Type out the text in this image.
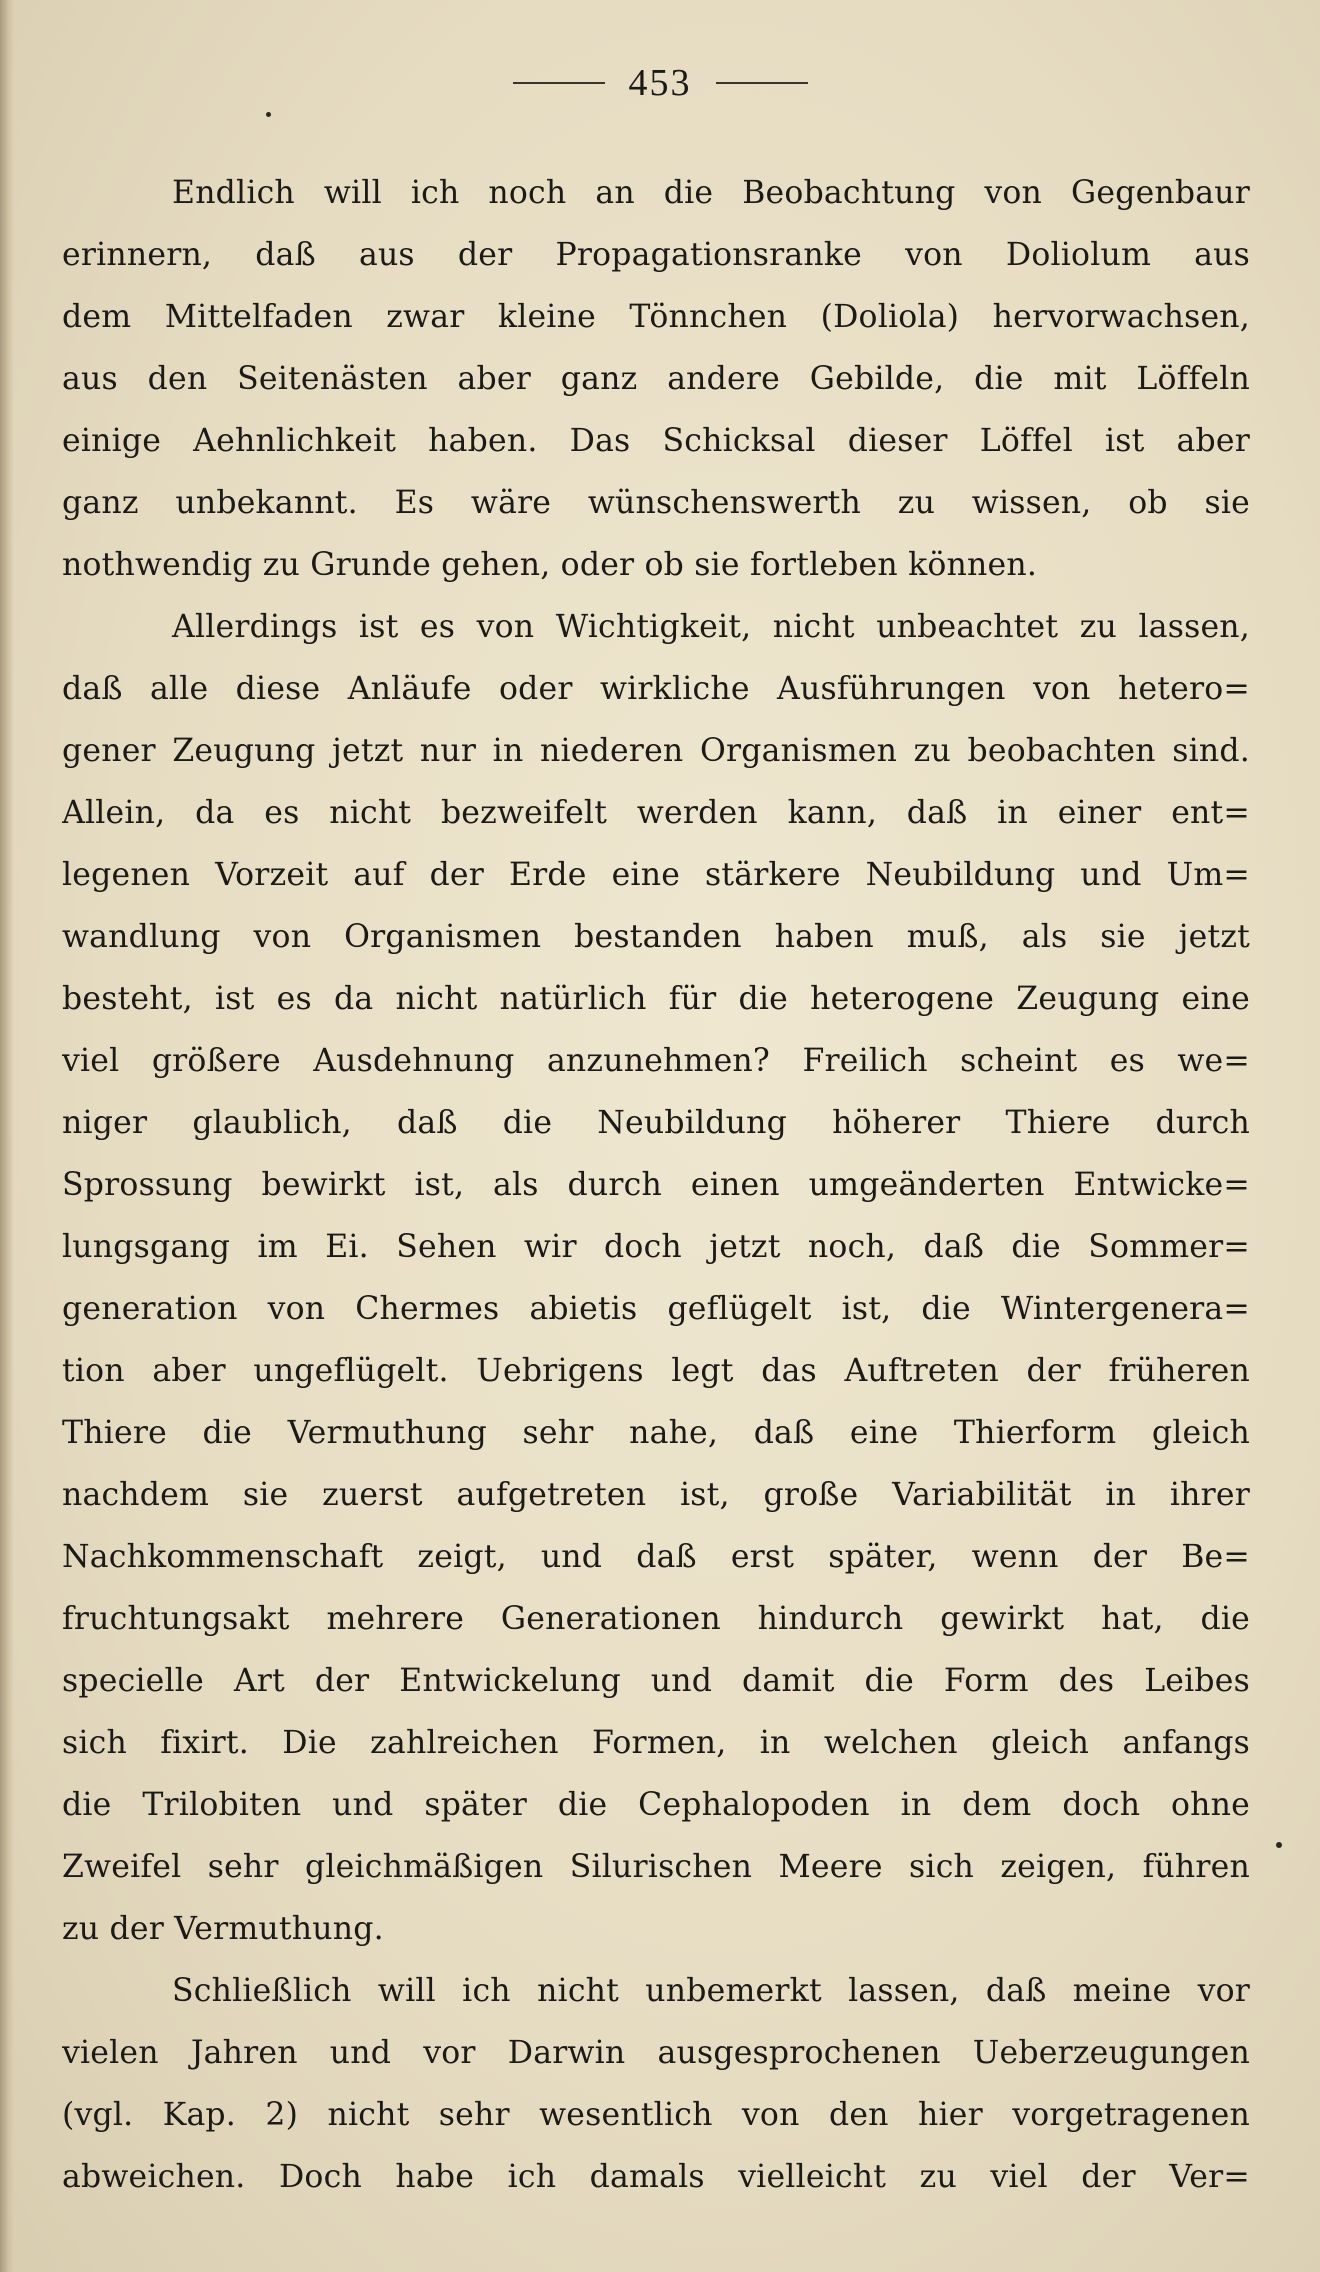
453
Endlich will ich noch an die Beobachtung von Gegenbaur
erinnern, daß aus der Propagationsranke von Doliolum aus
dem Mittelfaden zwar kleine Tönnchen (Doliola) hervorwachsen,
aus den Seitenästen aber ganz andere Gebilde, die mit Löffeln
einige Aehnlichkeit haben. Das Schicksal dieser Löffel ist aber
ganz unbekannt. Es wäre wünschenswerth zu wissen, ob sie
nothwendig zu Grunde gehen, oder ob sie fortleben können.
Allerdings ist es von Wichtigkeit, nicht unbeachtet zu lassen,
daß alle diese Anläufe oder wirkliche Ausführungen von hetero=
gener Zeugung jetzt nur in niederen Organismen zu beobachten sind.
Allein, da es nicht bezweifelt werden kann, daß in einer ent=
legenen Vorzeit auf der Erde eine stärkere Neubildung und Um=
wandlung von Organismen bestanden haben muß, als sie jetzt
besteht, ist es da nicht natürlich für die heterogene Zeugung eine
viel größere Ausdehnung anzunehmen? Freilich scheint es we=
niger glaublich, daß die Neubildung höherer Thiere durch
Sprossung bewirkt ist, als durch einen umgeänderten Entwicke=
lungsgang im Ei. Sehen wir doch jetzt noch, daß die Sommer=
generation von Chermes abietis geflügelt ist, die Wintergenera=
tion aber ungeflügelt. Uebrigens legt das Auftreten der früheren
Thiere die Vermuthung sehr nahe, daß eine Thierform gleich
nachdem sie zuerst aufgetreten ist, große Variabilität in ihrer
Nachkommenschaft zeigt, und daß erst später, wenn der Be=
fruchtungsakt mehrere Generationen hindurch gewirkt hat, die
specielle Art der Entwickelung und damit die Form des Leibes
sich fixirt. Die zahlreichen Formen, in welchen gleich anfangs
die Trilobiten und später die Cephalopoden in dem doch ohne
Zweifel sehr gleichmäßigen Silurischen Meere sich zeigen, führen
zu der Vermuthung.
Schließlich will ich nicht unbemerkt lassen, daß meine vor
vielen Jahren und vor Darwin ausgesprochenen Ueberzeugungen
(vgl. Kap. 2) nicht sehr wesentlich von den hier vorgetragenen
abweichen. Doch habe ich damals vielleicht zu viel der Ver=
